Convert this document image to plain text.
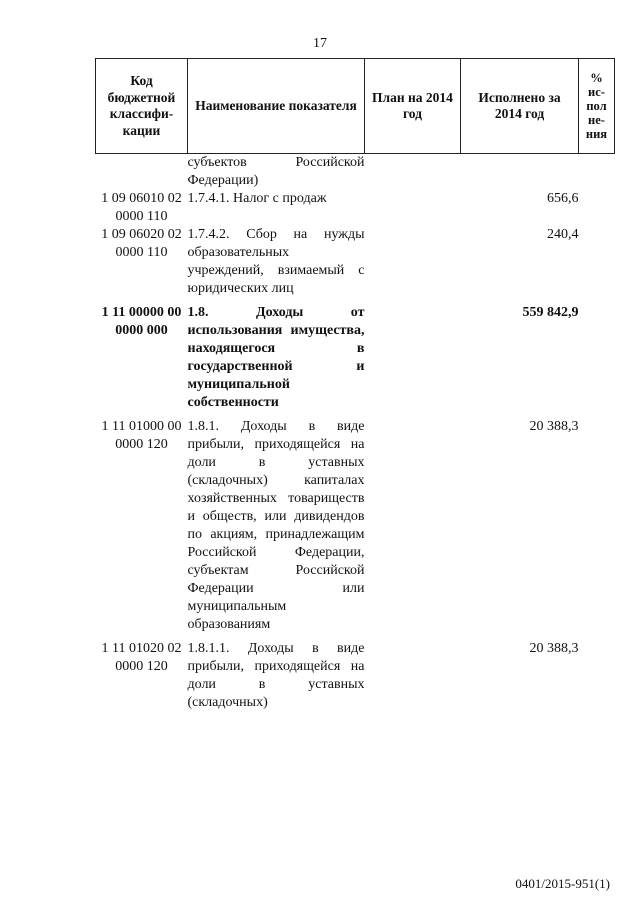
17
Код бюджетной классифи-кации	Наименование показателя	План на 2014 год	Исполнено за 2014 год	% ис-пол не-ния

	субъектов Российской Федерации)			
1 09 06010 02 0000 110	1.7.4.1. Налог с продаж		656,6	
1 09 06020 02 0000 110	1.7.4.2. Сбор на нужды образовательных учреждений, взимаемый с юридических лиц		240,4	
1 11 00000 00 0000 000	1.8. Доходы от использования имущества, находящегося в государственной и муниципальной собственности		559 842,9	
1 11 01000 00 0000 120	1.8.1. Доходы в виде прибыли, приходящейся на доли в уставных (складочных) капиталах хозяйственных товариществ и обществ, или дивидендов по акциям, принадлежащим Российской Федерации, субъектам Российской Федерации или муниципальным образованиям		20 388,3	
1 11 01020 02 0000 120	1.8.1.1. Доходы в виде прибыли, приходящейся на доли в уставных (складочных)		20 388,3	
0401/2015-951(1)
